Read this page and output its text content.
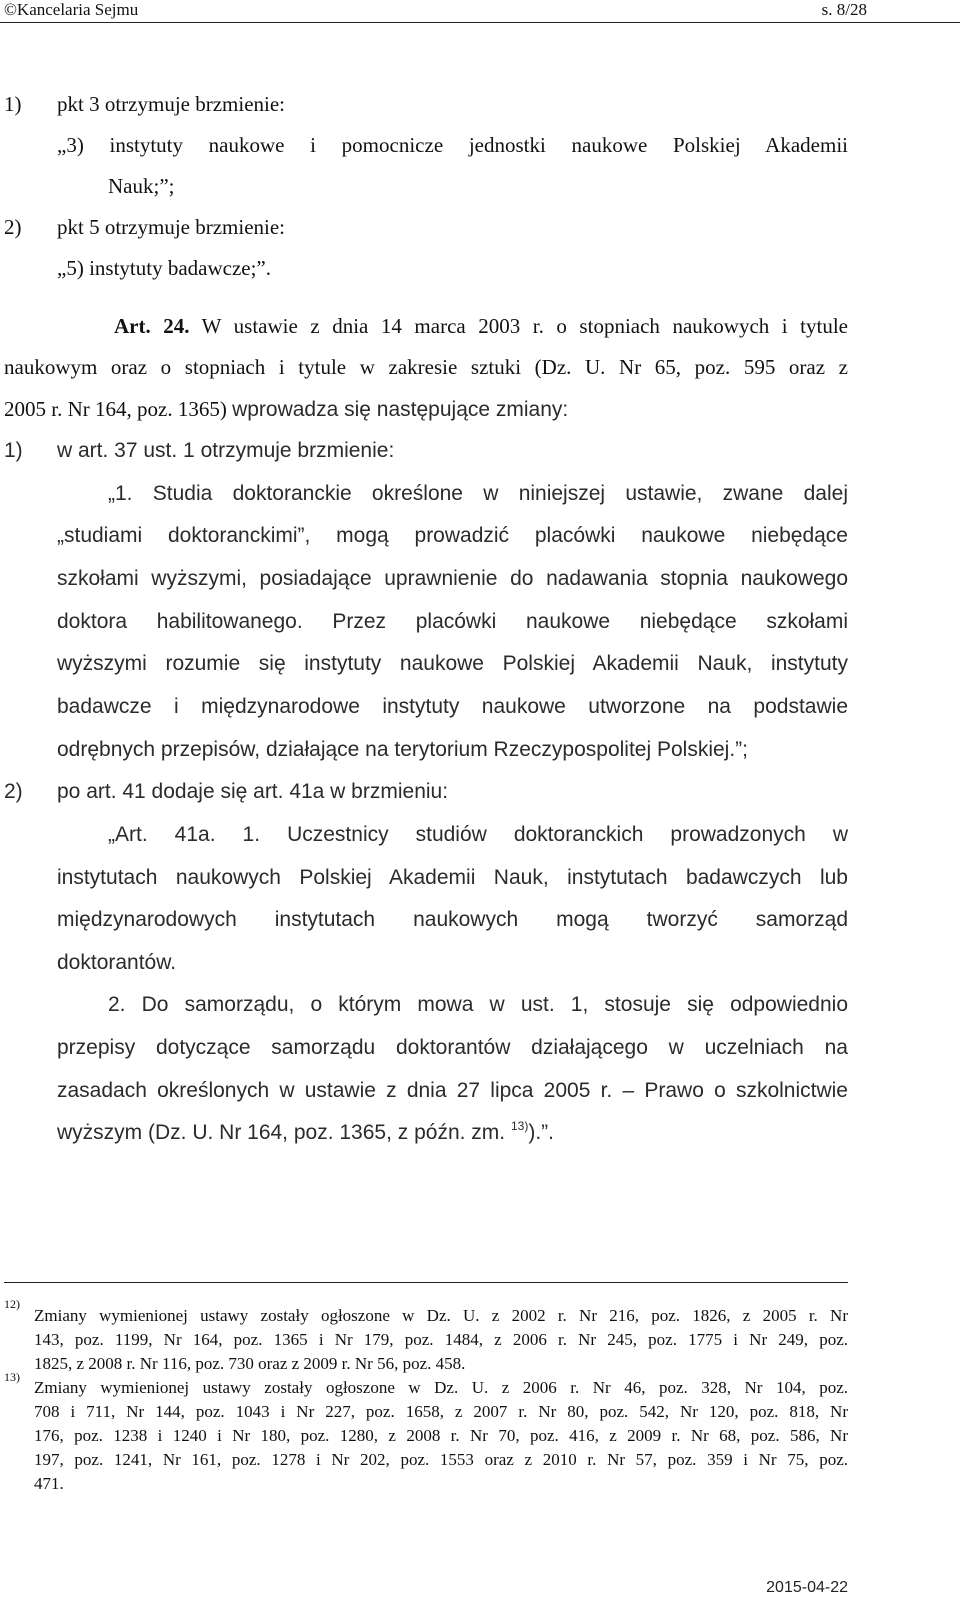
©Kancelaria Sejmu	s. 8/28
1) pkt 3 otrzymuje brzmienie:
„3) instytuty naukowe i pomocnicze jednostki naukowe Polskiej Akademii
Nauk;”;
2) pkt 5 otrzymuje brzmienie:
„5) instytuty badawcze;”.
Art. 24. W ustawie z dnia 14 marca 2003 r. o stopniach naukowych i tytule
naukowym oraz o stopniach i tytule w zakresie sztuki (Dz. U. Nr 65, poz. 595 oraz z
2005 r. Nr 164, poz. 1365) wprowadza się następujące zmiany:
1) w art. 37 ust. 1 otrzymuje brzmienie:
„1. Studia doktoranckie określone w niniejszej ustawie, zwane dalej
„studiami doktoranckimi”, mogą prowadzić placówki naukowe niebędące
szkołami wyższymi, posiadające uprawnienie do nadawania stopnia naukowego
doktora habilitowanego. Przez placówki naukowe niebędące szkołami
wyższymi rozumie się instytuty naukowe Polskiej Akademii Nauk, instytuty
badawcze i międzynarodowe instytuty naukowe utworzone na podstawie
odrębnych przepisów, działające na terytorium Rzeczypospolitej Polskiej.”;
2) po art. 41 dodaje się art. 41a w brzmieniu:
„Art. 41a. 1. Uczestnicy studiów doktoranckich prowadzonych w
instytutach naukowych Polskiej Akademii Nauk, instytutach badawczych lub
międzynarodowych instytutach naukowych mogą tworzyć samorząd
doktorantów.
2. Do samorządu, o którym mowa w ust. 1, stosuje się odpowiednio
przepisy dotyczące samorządu doktorantów działającego w uczelniach na
zasadach określonych w ustawie z dnia 27 lipca 2005 r. – Prawo o szkolnictwie
wyższym (Dz. U. Nr 164, poz. 1365, z późn. zm. $^{13)}$).”.
12)
Zmiany wymienionej ustawy zostały ogłoszone w Dz. U. z 2002 r. Nr 216, poz. 1826, z 2005 r. Nr
143, poz. 1199, Nr 164, poz. 1365 i Nr 179, poz. 1484, z 2006 r. Nr 245, poz. 1775 i Nr 249, poz.
1825, z 2008 r. Nr 116, poz. 730 oraz z 2009 r. Nr 56, poz. 458.
13)
Zmiany wymienionej ustawy zostały ogłoszone w Dz. U. z 2006 r. Nr 46, poz. 328, Nr 104, poz.
708 i 711, Nr 144, poz. 1043 i Nr 227, poz. 1658, z 2007 r. Nr 80, poz. 542, Nr 120, poz. 818, Nr
176, poz. 1238 i 1240 i Nr 180, poz. 1280, z 2008 r. Nr 70, poz. 416, z 2009 r. Nr 68, poz. 586, Nr
197, poz. 1241, Nr 161, poz. 1278 i Nr 202, poz. 1553 oraz z 2010 r. Nr 57, poz. 359 i Nr 75, poz.
471.
2015-04-22
